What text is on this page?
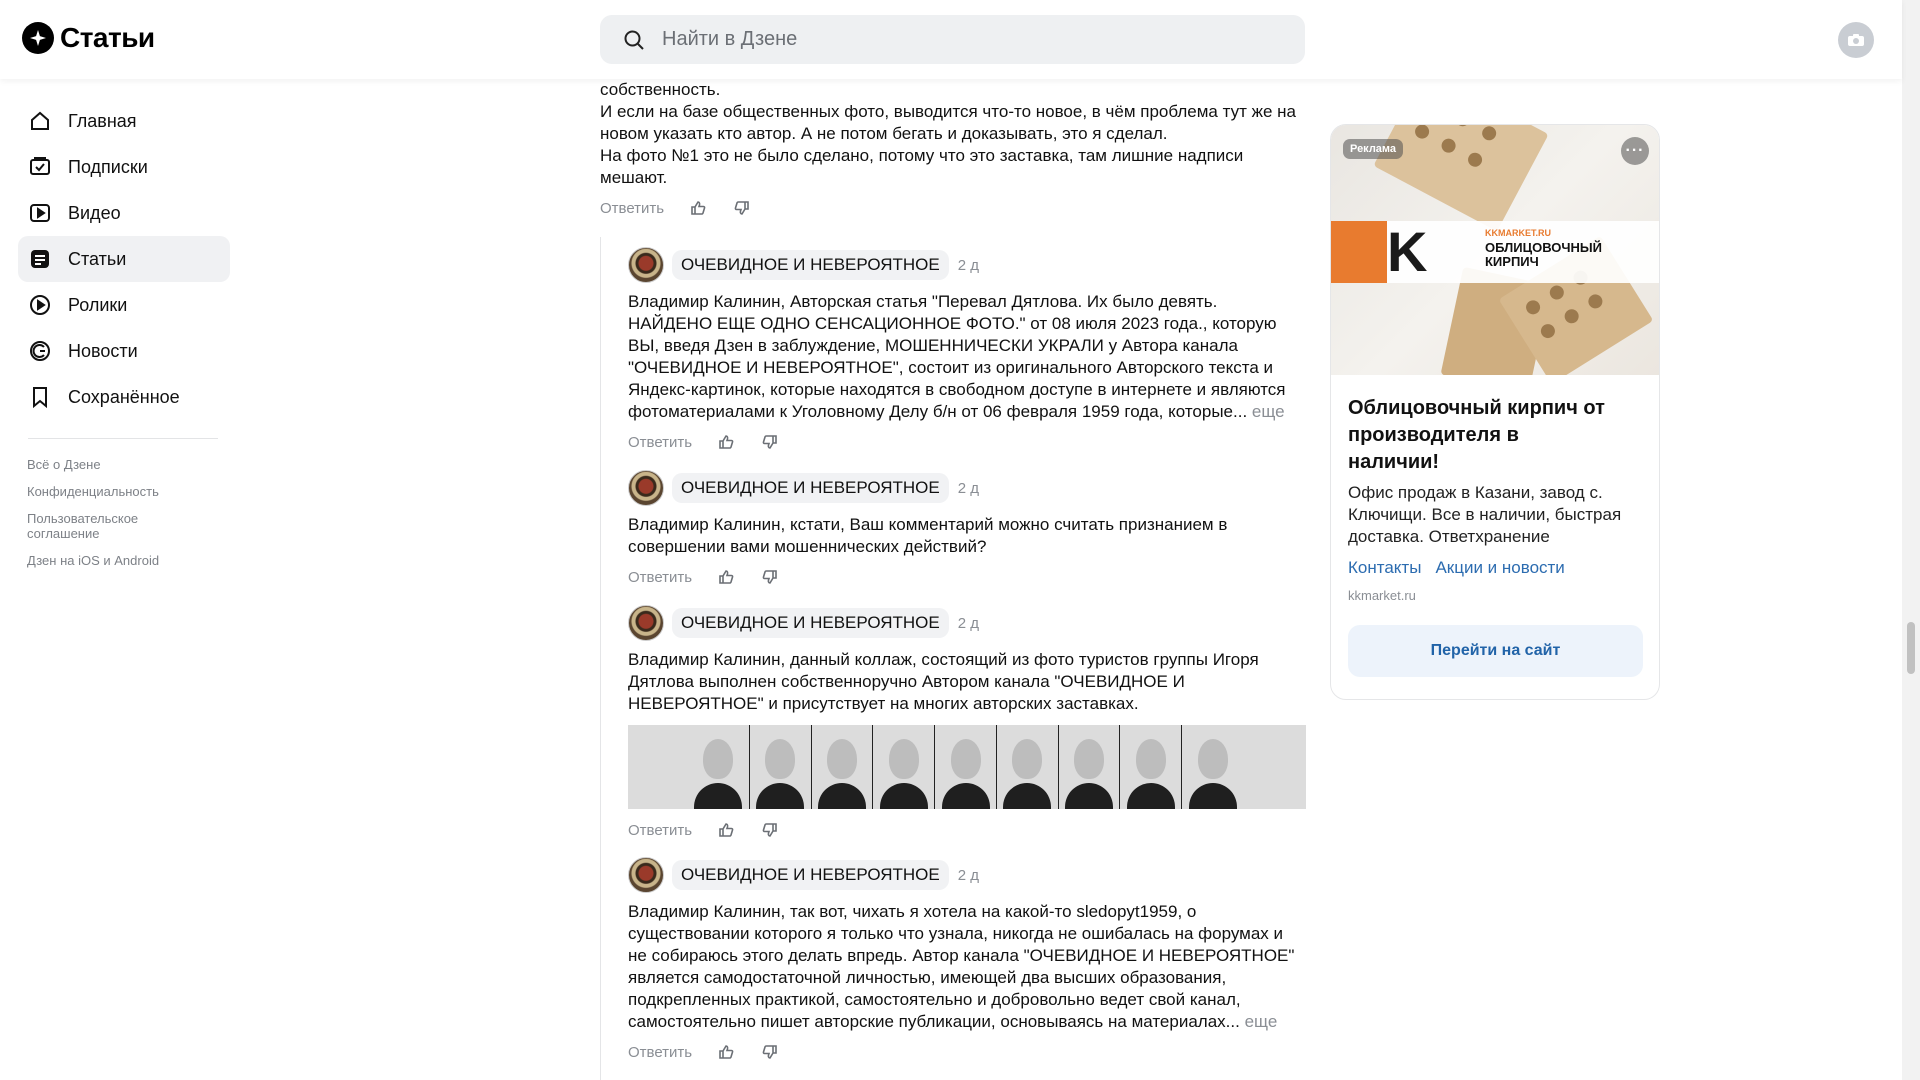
Статьи
Найти в Дзене
Главная
Подписки
Видео
Статьи
Ролики
Новости
Сохранённое
Всё о Дзене
Конфиденциальность
Пользовательское соглашение
Дзен на iOS и Android
собственность.
И если на базе общественных фото, выводится что-то новое, в чём проблема тут же на новом указать кто автор. А не потом бегать и доказывать, это я сделал.
На фото №1 это не было сделано, потому что это заставка, там лишние надписи мешают.
Ответить
ОЧЕВИДНОЕ И НЕВЕРОЯТНОЕ	2 д
Владимир Калинин, Авторская статья "Перевал Дятлова. Их было девять. НАЙДЕНО ЕЩЕ ОДНО СЕНСАЦИОННОЕ ФОТО." от 08 июля 2023 года., которую ВЫ, введя Дзен в заблуждение, МОШЕННИЧЕСКИ УКРАЛИ у Автора канала "ОЧЕВИДНОЕ И НЕВЕРОЯТНОЕ", состоит из оригинального Авторского текста и Яндекс-картинок, которые находятся в свободном доступе в интернете и являются фотоматериалами к Уголовному Делу б/н от 06 февраля 1959 года, которые... еще
Ответить
ОЧЕВИДНОЕ И НЕВЕРОЯТНОЕ	2 д
Владимир Калинин, кстати, Ваш комментарий можно считать признанием в совершении вами мошеннических действий?
Ответить
ОЧЕВИДНОЕ И НЕВЕРОЯТНОЕ	2 д
Владимир Калинин, данный коллаж, состоящий из фото туристов группы Игоря Дятлова выполнен собственноручно Автором канала "ОЧЕВИДНОЕ И НЕВЕРОЯТНОЕ" и присутствует на многих авторских заставках.
Ответить
ОЧЕВИДНОЕ И НЕВЕРОЯТНОЕ	2 д
Владимир Калинин, так вот, чихать я хотела на какой-то sledopyt1959, о существовании которого я только что узнала, никогда не ошибалась на форумах и не собираюсь этого делать впредь. Автор канала "ОЧЕВИДНОЕ И НЕВЕРОЯТНОЕ" является самодостаточной личностью, имеющей два высших образования, подкрепленных практикой, самостоятельно и добровольно ведет свой канал, самостоятельно пишет авторские публикации, основываясь на материалах... еще
Ответить
K	KKMARKET.RU
ОБЛИЦОВОЧНЫЙ КИРПИЧ
Реклама	···
Облицовочный кирпич от производителя в наличии!
Офис продаж в Казани, завод с. Ключищи. Все в наличии, быстрая доставка. Ответхранение
Контакты Акции и новости
kkmarket.ru
Перейти на сайт
